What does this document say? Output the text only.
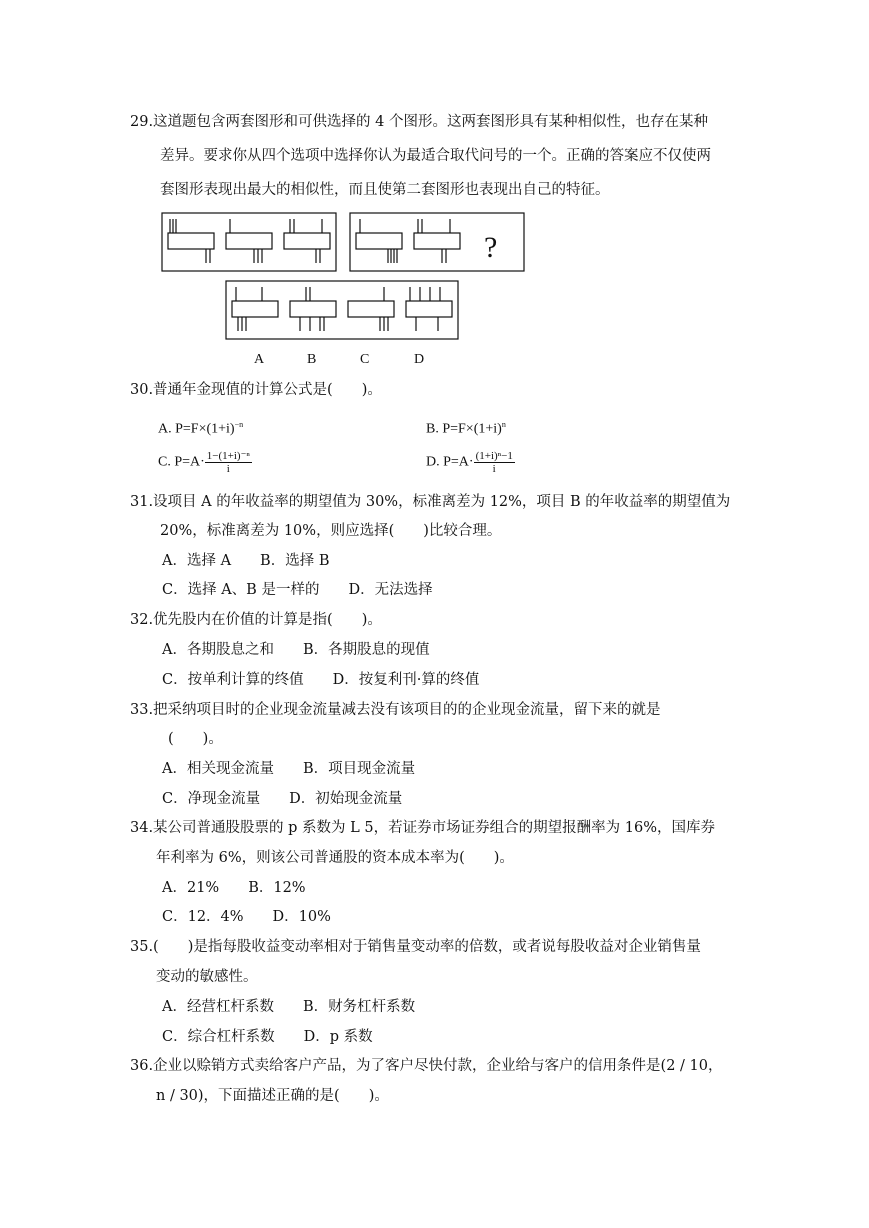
29.这道题包含两套图形和可供选择的 4 个图形。这两套图形具有某种相似性，也存在某种
差异。要求你从四个选项中选择你认为最适合取代问号的一个。正确的答案应不仅使两
套图形表现出最大的相似性，而且使第二套图形也表现出自己的特征。
?
A	B	C	D
30.普通年金现值的计算公式是(　　)。
A. $P=F\times(1+i)^{-n}$	B. $P=F\times(1+i)^n$
C. $P=A\cdot \frac{\text{1−(1+i)⁻ⁿ}}{i}$	D. $P=A\cdot \frac{\text{(1+i)ⁿ−1}}{i}$
31.设项目 A 的年收益率的期望值为 30%，标准离差为 12%，项目 B 的年收益率的期望值为
20%，标准离差为 10%，则应选择(　　)比较合理。
A．选择 A　　B．选择 B
C．选择 A、B 是一样的　　D．无法选择
32.优先股内在价值的计算是指(　　)。
A．各期股息之和　　B．各期股息的现值
C．按单利计算的终值　　D．按复利刊·算的终值
33.把采纳项目时的企业现金流量减去没有该项目的的企业现金流量，留下来的就是
(　　)。
A．相关现金流量　　B．项目现金流量
C．净现金流量　　D．初始现金流量
34.某公司普通股股票的 p 系数为 L 5，若证券市场证券组合的期望报酬率为 16%，国库券
年利率为 6%，则该公司普通股的资本成本率为(　　)。
A．21%　　B．12%
C．12．4%　　D．10%
35.(　　)是指每股收益变动率相对于销售量变动率的倍数，或者说每股收益对企业销售量
变动的敏感性。
A．经营杠杆系数　　B．财务杠杆系数
C．综合杠杆系数　　D．p 系数
36.企业以赊销方式卖给客户产品，为了客户尽快付款，企业给与客户的信用条件是(2 / 10，
n / 30)，下面描述正确的是(　　)。
